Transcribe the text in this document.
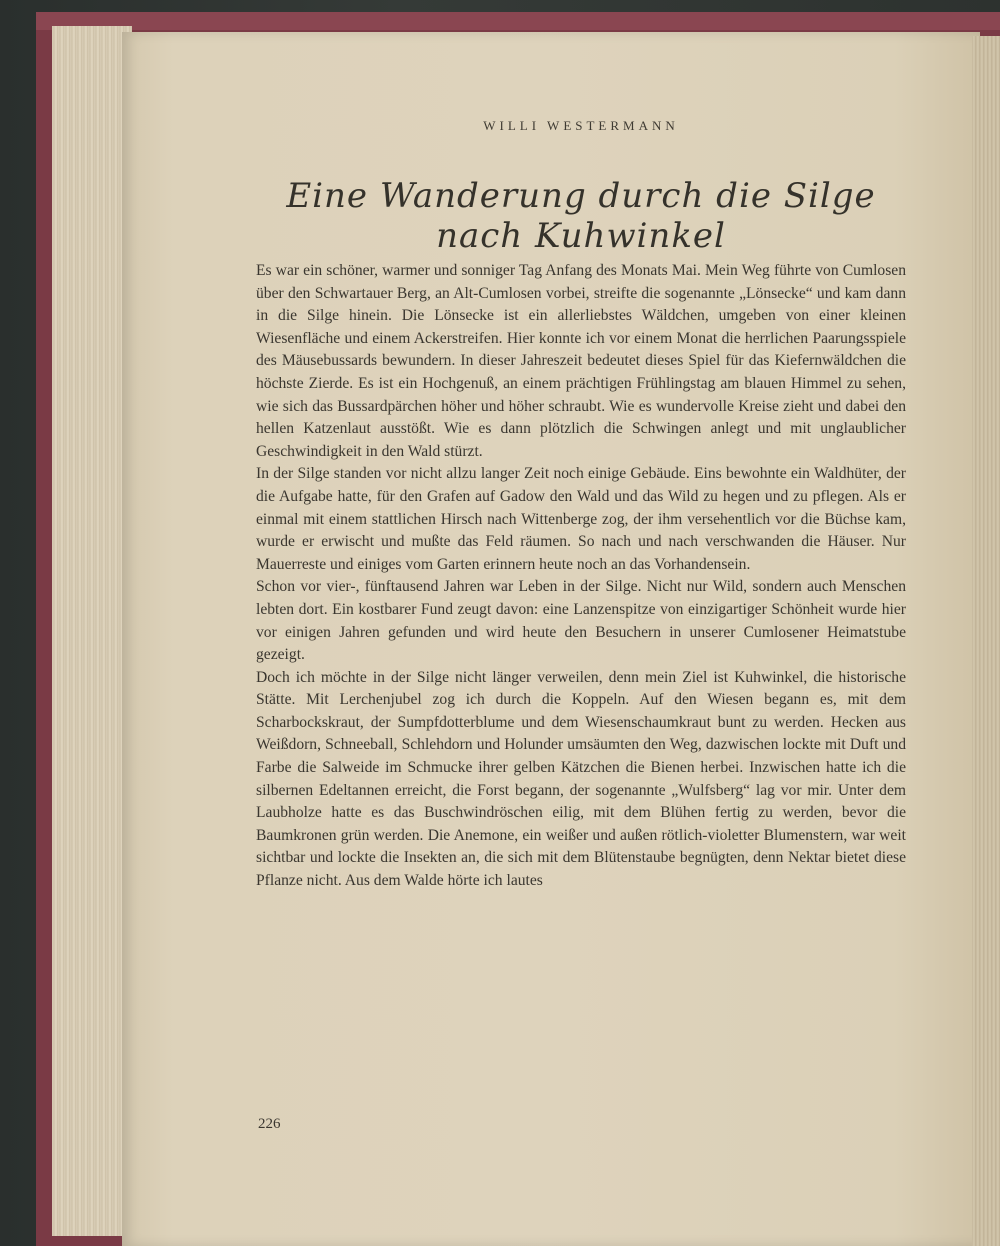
WILLI WESTERMANN
Eine Wanderung durch die Silge nach Kuhwinkel

Es war ein schöner, warmer und sonniger Tag Anfang des Monats Mai. Mein Weg führte von Cumlosen über den Schwartauer Berg, an Alt-Cumlosen vorbei, streifte die sogenannte „Lönsecke“ und kam dann in die Silge hinein. Die Lönsecke ist ein allerliebstes Wäldchen, umgeben von einer kleinen Wiesenfläche und einem Ackerstreifen. Hier konnte ich vor einem Monat die herrlichen Paarungsspiele des Mäusebussards bewundern. In dieser Jahreszeit bedeutet dieses Spiel für das Kiefernwäldchen die höchste Zierde. Es ist ein Hochgenuß, an einem prächtigen Frühlingstag am blauen Himmel zu sehen, wie sich das Bussardpärchen höher und höher schraubt. Wie es wundervolle Kreise zieht und dabei den hellen Katzenlaut ausstößt. Wie es dann plötzlich die Schwingen anlegt und mit unglaublicher Geschwindigkeit in den Wald stürzt.

In der Silge standen vor nicht allzu langer Zeit noch einige Gebäude. Eins bewohnte ein Waldhüter, der die Aufgabe hatte, für den Grafen auf Gadow den Wald und das Wild zu hegen und zu pflegen. Als er einmal mit einem stattlichen Hirsch nach Wittenberge zog, der ihm versehentlich vor die Büchse kam, wurde er erwischt und mußte das Feld räumen. So nach und nach verschwanden die Häuser. Nur Mauerreste und einiges vom Garten erinnern heute noch an das Vorhandensein.

Schon vor vier-, fünftausend Jahren war Leben in der Silge. Nicht nur Wild, sondern auch Menschen lebten dort. Ein kostbarer Fund zeugt davon: eine Lanzenspitze von einzigartiger Schönheit wurde hier vor einigen Jahren gefunden und wird heute den Besuchern in unserer Cumlosener Heimatstube gezeigt.

Doch ich möchte in der Silge nicht länger verweilen, denn mein Ziel ist Kuhwinkel, die historische Stätte. Mit Lerchenjubel zog ich durch die Koppeln. Auf den Wiesen begann es, mit dem Scharbockskraut, der Sumpfdotterblume und dem Wiesenschaumkraut bunt zu werden. Hecken aus Weißdorn, Schneeball, Schlehdorn und Holunder umsäumten den Weg, dazwischen lockte mit Duft und Farbe die Salweide im Schmucke ihrer gelben Kätzchen die Bienen herbei. Inzwischen hatte ich die silbernen Edeltannen erreicht, die Forst begann, der sogenannte „Wulfsberg“ lag vor mir. Unter dem Laubholze hatte es das Buschwindröschen eilig, mit dem Blühen fertig zu werden, bevor die Baumkronen grün werden. Die Anemone, ein weißer und außen rötlich-violetter Blumenstern, war weit sichtbar und lockte die Insekten an, die sich mit dem Blütenstaube begnügten, denn Nektar bietet diese Pflanze nicht. Aus dem Walde hörte ich lautes

226
